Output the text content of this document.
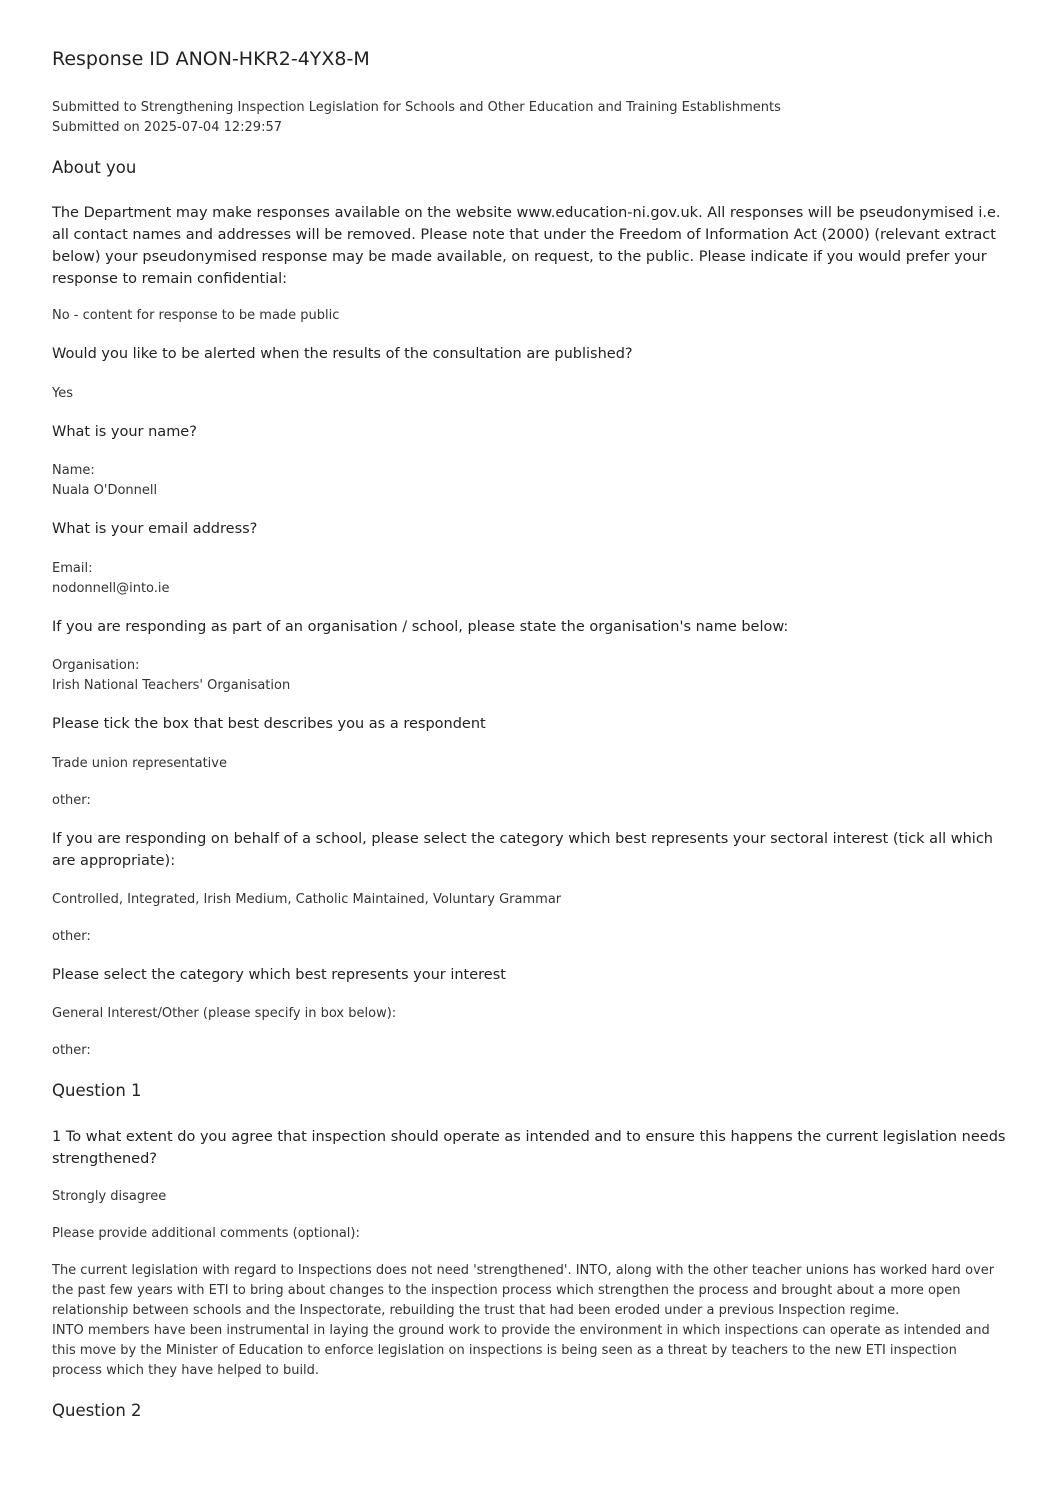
Response ID ANON-HKR2-4YX8-M
Submitted to Strengthening Inspection Legislation for Schools and Other Education and Training Establishments
Submitted on 2025-07-04 12:29:57
About you
The Department may make responses available on the website www.education-ni.gov.uk. All responses will be pseudonymised i.e. all contact names and addresses will be removed. Please note that under the Freedom of Information Act (2000) (relevant extract below) your pseudonymised response may be made available, on request, to the public. Please indicate if you would prefer your response to remain confidential:
No - content for response to be made public
Would you like to be alerted when the results of the consultation are published?
Yes
What is your name?
Name:
Nuala O'Donnell
What is your email address?
Email:
nodonnell@into.ie
If you are responding as part of an organisation / school, please state the organisation's name below:
Organisation:
Irish National Teachers' Organisation
Please tick the box that best describes you as a respondent
Trade union representative
other:
If you are responding on behalf of a school, please select the category which best represents your sectoral interest (tick all which are appropriate):
Controlled, Integrated, Irish Medium, Catholic Maintained, Voluntary Grammar
other:
Please select the category which best represents your interest
General Interest/Other (please specify in box below):
other:
Question 1
1 To what extent do you agree that inspection should operate as intended and to ensure this happens the current legislation needs strengthened?
Strongly disagree
Please provide additional comments (optional):
The current legislation with regard to Inspections does not need 'strengthened'. INTO, along with the other teacher unions has worked hard over the past few years with ETI to bring about changes to the inspection process which strengthen the process and brought about a more open relationship between schools and the Inspectorate, rebuilding the trust that had been eroded under a previous Inspection regime.
INTO members have been instrumental in laying the ground work to provide the environment in which inspections can operate as intended and this move by the Minister of Education to enforce legislation on inspections is being seen as a threat by teachers to the new ETI inspection process which they have helped to build.
Question 2
